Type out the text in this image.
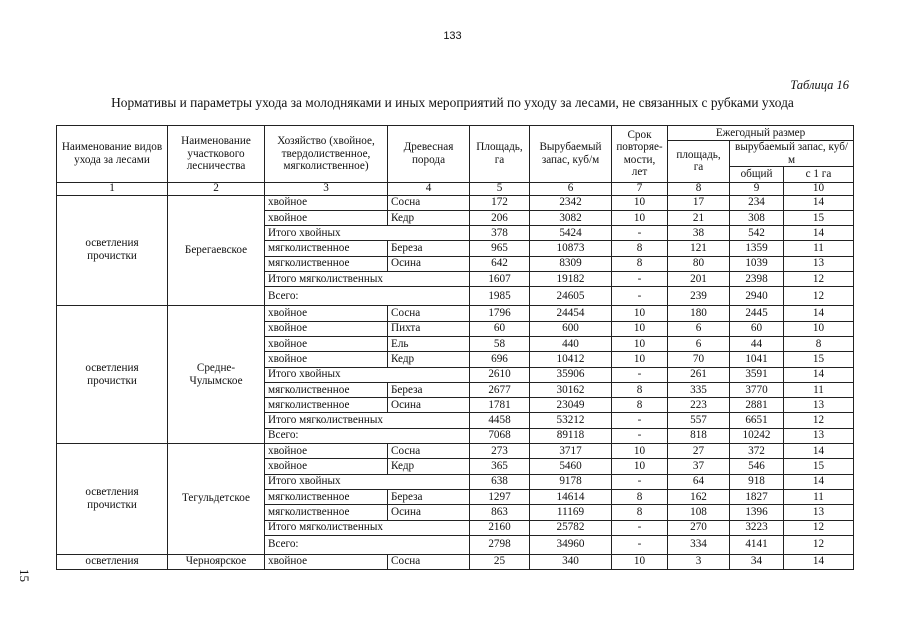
133
Таблица 16
Нормативы и параметры ухода за молодняками и иных мероприятий по уходу за лесами, не связанных с рубками ухода
15
Наименование видов ухода за лесами	Наименование участкового лесничества	Хозяйство (хвойное, твердолиственное, мягколиственное)	Древесная порода	Площадь, га	Вырубаемый запас, куб/м	Срок повторяе-мости, лет	Ежегодный размер		
							площадь, га	вырубаемый запас, куб/м	
								общий	с 1 га
1	2	3	4	5	6	7	8	9	10
осветления прочистки	Берегаевское	хвойное	Сосна	172	2342	10	17	234	14
		хвойное	Кедр	206	3082	10	21	308	15
		Итого хвойных		378	5424	-	38	542	14
		мягколиственное	Береза	965	10873	8	121	1359	11
		мягколиственное	Осина	642	8309	8	80	1039	13
		Итого мягколиственных		1607	19182	-	201	2398	12
		Всего:		1985	24605	-	239	2940	12
осветления прочистки	Средне-Чулымское	хвойное	Сосна	1796	24454	10	180	2445	14
		хвойное	Пихта	60	600	10	6	60	10
		хвойное	Ель	58	440	10	6	44	8
		хвойное	Кедр	696	10412	10	70	1041	15
		Итого хвойных		2610	35906	-	261	3591	14
		мягколиственное	Береза	2677	30162	8	335	3770	11
		мягколиственное	Осина	1781	23049	8	223	2881	13
		Итого мягколиственных		4458	53212	-	557	6651	12
		Всего:		7068	89118	-	818	10242	13
осветления прочистки	Тегульдетское	хвойное	Сосна	273	3717	10	27	372	14
		хвойное	Кедр	365	5460	10	37	546	15
		Итого хвойных		638	9178	-	64	918	14
		мягколиственное	Береза	1297	14614	8	162	1827	11
		мягколиственное	Осина	863	11169	8	108	1396	13
		Итого мягколиственных		2160	25782	-	270	3223	12
		Всего:		2798	34960	-	334	4141	12
осветления	Черноярское	хвойное	Сосна	25	340	10	3	34	14
